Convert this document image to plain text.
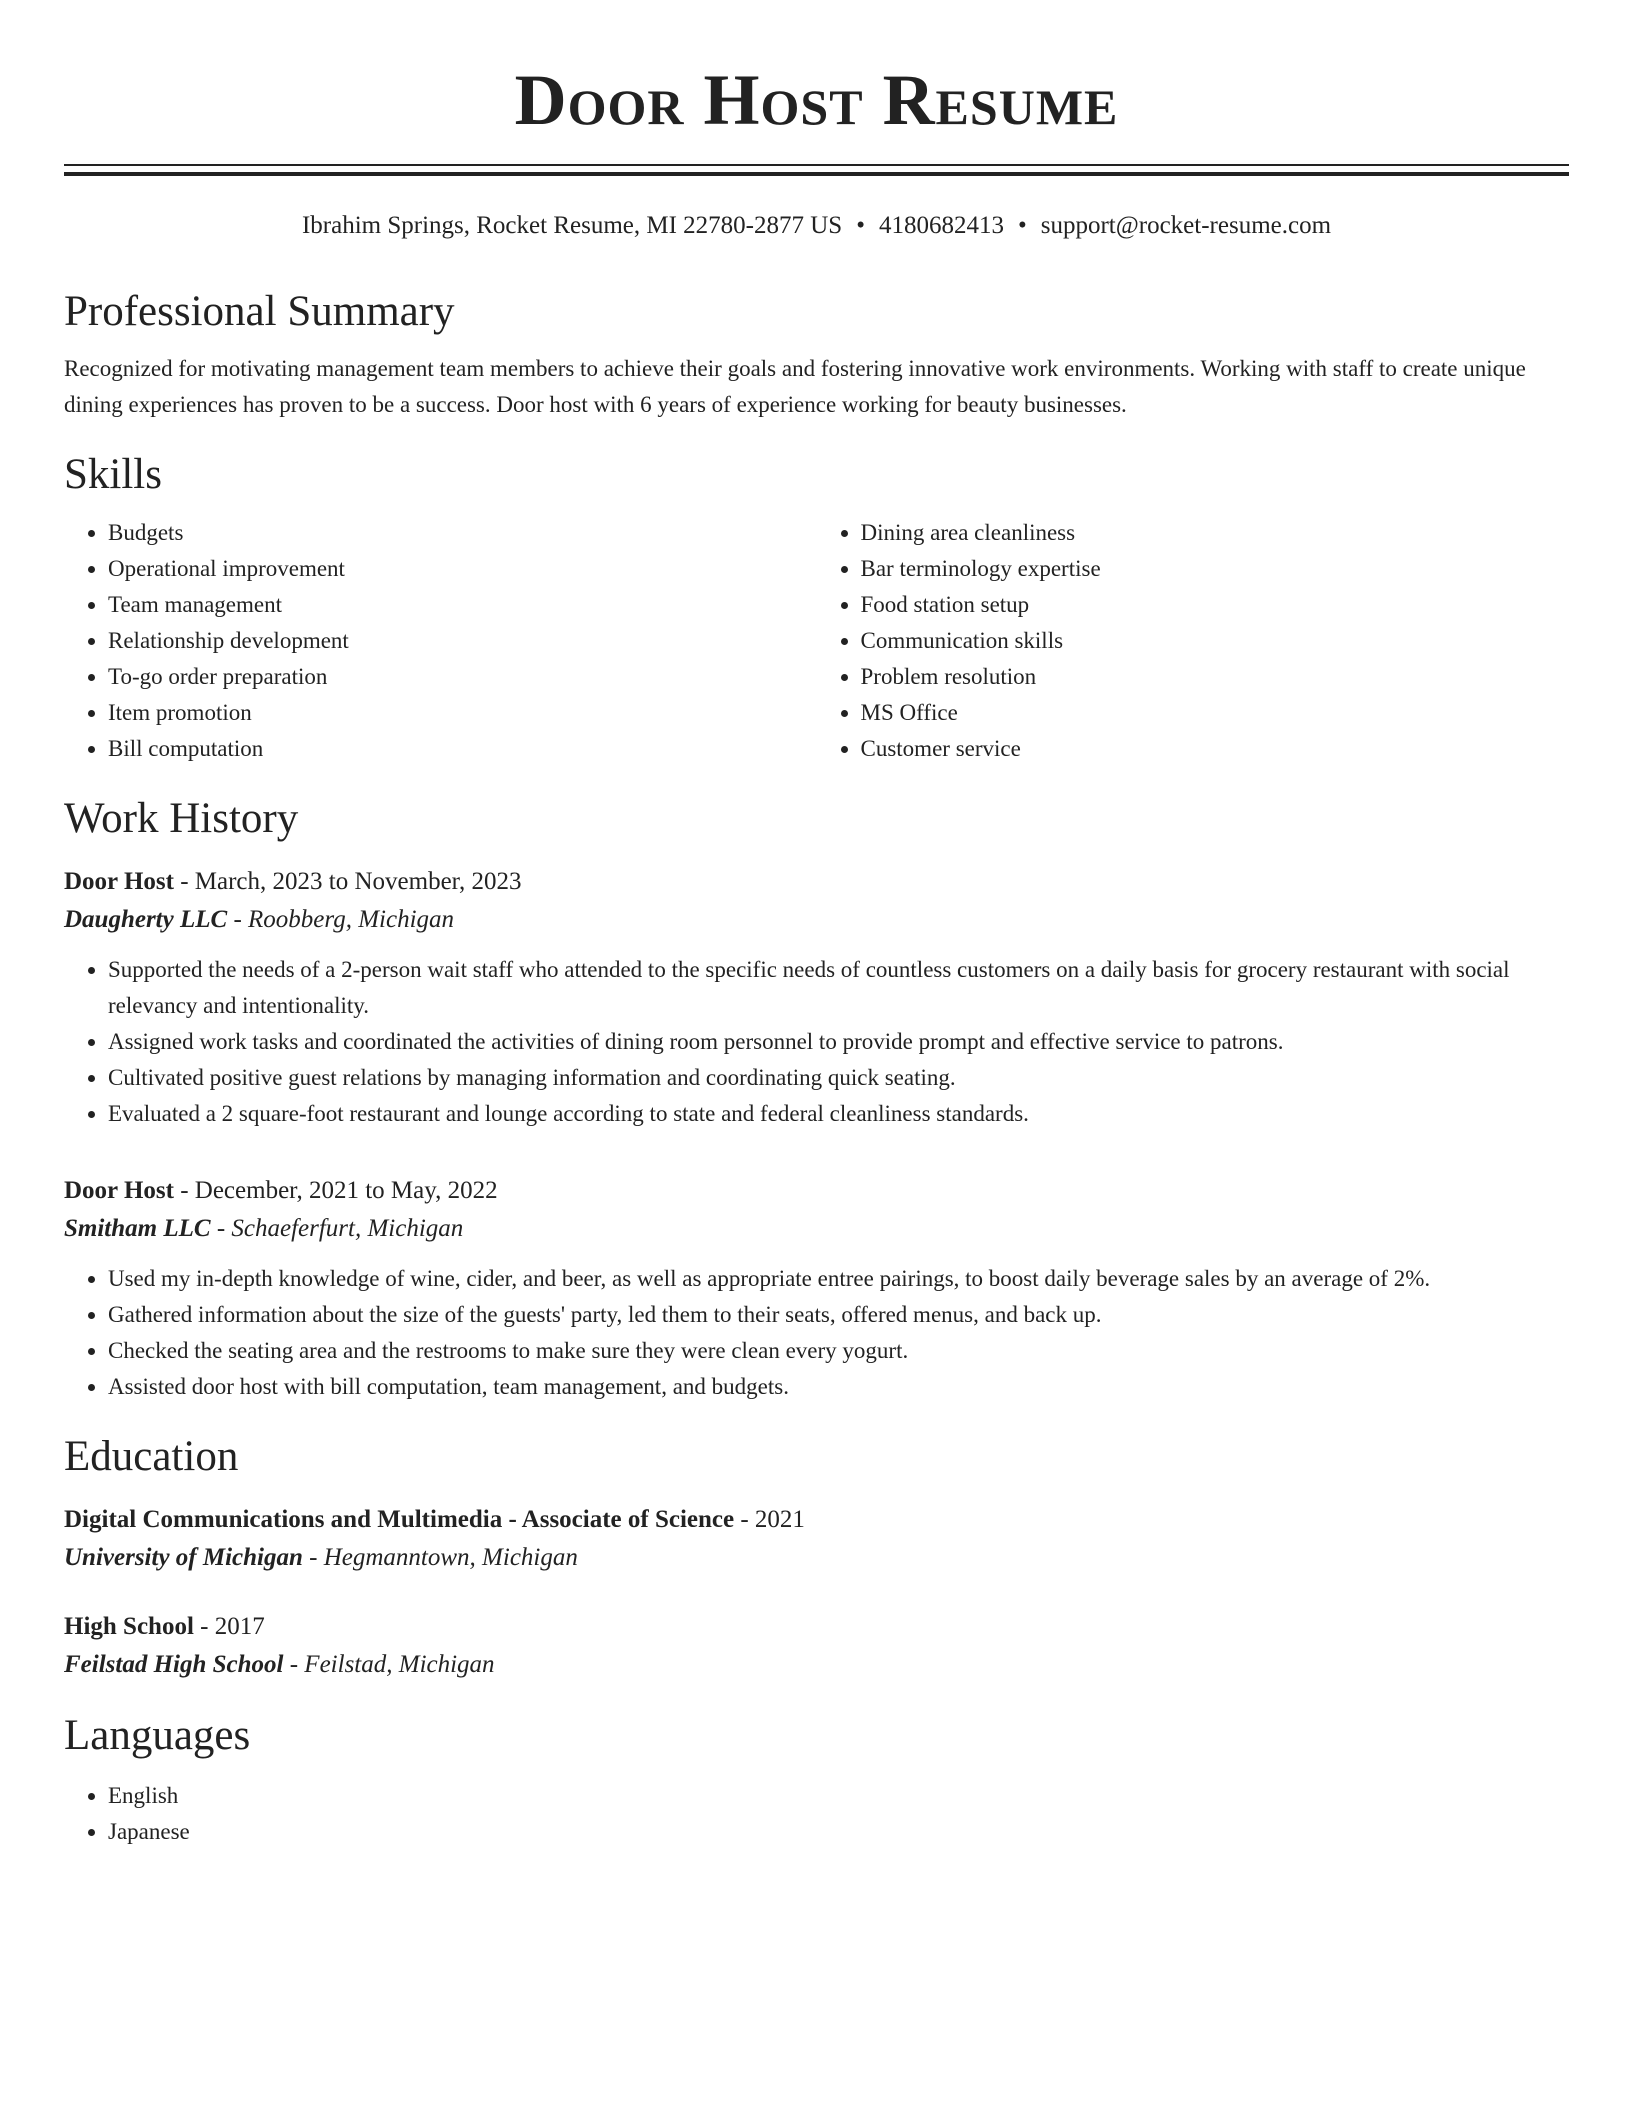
Door Host Resume
Ibrahim Springs, Rocket Resume, MI 22780-2877 US • 4180682413 • support@rocket-resume.com
Professional Summary

Recognized for motivating management team members to achieve their goals and fostering innovative work environments. Working with staff to create unique dining experiences has proven to be a success. Door host with 6 years of experience working for beauty businesses.

Skills
• Budgets
• Operational improvement
• Team management
• Relationship development
• To-go order preparation
• Item promotion
• Bill computation
• Dining area cleanliness
• Bar terminology expertise
• Food station setup
• Communication skills
• Problem resolution
• MS Office
• Customer service
Work History
Door Host - March, 2023 to November, 2023
Daugherty LLC - Roobberg, Michigan
• Supported the needs of a 2-person wait staff who attended to the specific needs of countless customers on a daily basis for grocery restaurant with social relevancy and intentionality.
• Assigned work tasks and coordinated the activities of dining room personnel to provide prompt and effective service to patrons.
• Cultivated positive guest relations by managing information and coordinating quick seating.
• Evaluated a 2 square-foot restaurant and lounge according to state and federal cleanliness standards.
Door Host - December, 2021 to May, 2022
Smitham LLC - Schaeferfurt, Michigan
• Used my in-depth knowledge of wine, cider, and beer, as well as appropriate entree pairings, to boost daily beverage sales by an average of 2%.
• Gathered information about the size of the guests' party, led them to their seats, offered menus, and back up.
• Checked the seating area and the restrooms to make sure they were clean every yogurt.
• Assisted door host with bill computation, team management, and budgets.
Education
Digital Communications and Multimedia - Associate of Science - 2021
University of Michigan - Hegmanntown, Michigan
High School - 2017
Feilstad High School - Feilstad, Michigan
Languages
• English
• Japanese
